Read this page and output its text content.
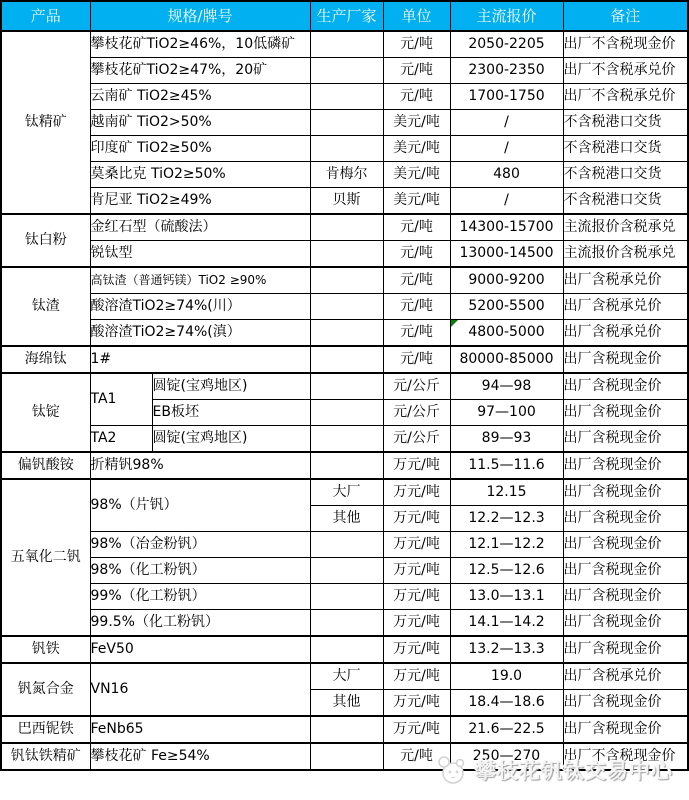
产品	规格/牌号		生产厂家	单位	主流报价	备注
钛精矿	攀枝花矿TiO2≥46%，10低磷矿			元/吨	2050-2205	出厂不含税现金价
	攀枝花矿TiO2≥47%，20矿			元/吨	2300-2350	出厂不含税承兑价
	云南矿 TiO2≥45%			元/吨	1700-1750	出厂不含税承兑价
	越南矿 TiO2>50%			美元/吨	/	不含税港口交货
	印度矿 TiO2≥50%			美元/吨	/	不含税港口交货
	莫桑比克 TiO2≥50%		肯梅尔	美元/吨	480	不含税港口交货
	肯尼亚 TiO2≥49%		贝斯	美元/吨	/	不含税港口交货
钛白粉	金红石型（硫酸法）			元/吨	14300-15700	主流报价含税承兑
	锐钛型			元/吨	13000-14500	主流报价含税承兑
钛渣	高钛渣（普通钙镁）TiO2 ≥90%			元/吨	9000-9200	出厂含税承兑价
	酸溶渣TiO2≥74%(川）			元/吨	5200-5500	出厂含税承兑价
	酸溶渣TiO2≥74%(滇）			元/吨	4800-5000	出厂含税承兑价
海绵钛	1#			元/吨	80000-85000	出厂含税现金价
钛锭	TA1	圆锭(宝鸡地区)		元/公斤	94—98	出厂含税现金价
		EB板坯		元/公斤	97—100	出厂含税现金价
	TA2	圆锭(宝鸡地区)		元/公斤	89—93	出厂含税现金价
偏钒酸铵	折精钒98%			万元/吨	11.5—11.6	出厂含税现金价
五氧化二钒	98%（片钒）		大厂	万元/吨	12.15	出厂含税现金价
			其他	万元/吨	12.2—12.3	出厂含税现金价
	98%（冶金粉钒）			万元/吨	12.1—12.2	出厂含税现金价
	98%（化工粉钒）			万元/吨	12.5—12.6	出厂含税现金价
	99%（化工粉钒）			万元/吨	13.0—13.1	出厂含税现金价
	99.5%（化工粉钒）			万元/吨	14.1—14.2	出厂含税现金价
钒铁	FeV50			万元/吨	13.2—13.3	出厂含税现金价
钒氮合金	VN16		大厂	万元/吨	19.0	出厂含税承兑价
			其他	万元/吨	18.4—18.6	出厂含税现金价
巴西铌铁	FeNb65			万元/吨	21.6—22.5	出厂含税现金价
钒钛铁精矿	攀枝花矿 Fe≥54%			元/吨	250—270	出厂不含税现金价
攀枝花钒钛交易中心
